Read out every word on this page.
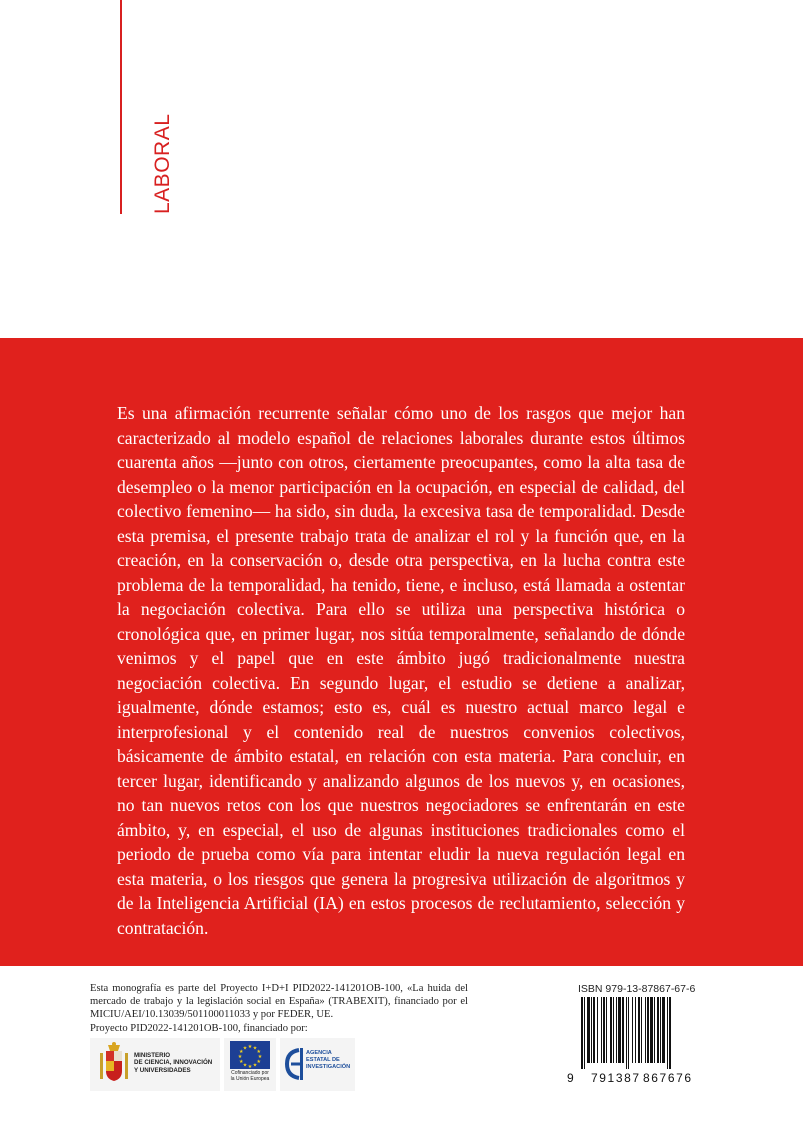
LABORAL

Es una afirmación recurrente señalar cómo uno de los rasgos que mejor han caracterizado al modelo español de relaciones laborales durante estos últimos cuarenta años —junto con otros, ciertamente preocupantes, como la alta tasa de desempleo o la menor participación en la ocupación, en especial de calidad, del colectivo femenino— ha sido, sin duda, la excesiva tasa de temporalidad. Desde esta premisa, el presente trabajo trata de analizar el rol y la función que, en la creación, en la conservación o, desde otra perspectiva, en la lucha contra este problema de la temporalidad, ha tenido, tiene, e incluso, está llamada a ostentar la negociación colectiva. Para ello se utiliza una perspectiva histórica o cronológica que, en primer lugar, nos sitúa temporalmente, señalando de dónde venimos y el papel que en este ámbito jugó tradicionalmente nuestra negociación colectiva. En segundo lugar, el estudio se detiene a analizar, igualmente, dónde estamos; esto es, cuál es nuestro actual marco legal e interprofesional y el contenido real de nuestros convenios colectivos, básicamente de ámbito estatal, en relación con esta materia. Para concluir, en tercer lugar, identificando y analizando algunos de los nuevos y, en ocasiones, no tan nuevos retos con los que nuestros negociadores se enfrentarán en este ámbito, y, en especial, el uso de algunas instituciones tradicionales como el periodo de prueba como vía para intentar eludir la nueva regulación legal en esta materia, o los riesgos que genera la progresiva utilización de algoritmos y de la Inteligencia Artificial (IA) en estos procesos de reclutamiento, selección y contratación.

Esta monografía es parte del Proyecto I+D+I PID2022-141201OB-100, «La huida del mercado de trabajo y la legislación social en España» (TRABEXIT), financiado por el MICIU/AEI/10.13039/501100011033 y por FEDER, UE.

Proyecto PID2022-141201OB-100, financiado por:

MINISTERIO
DE CIENCIA, INNOVACIÓN
Y UNIVERSIDADES
★ ★
★
★
★
★
★
★
★
★
★
★
Cofinanciado por
la Unión Europea
AGENCIA
ESTATAL DE
INVESTIGACIÓN
ISBN 979-13-87867-67-6
9 791387 867676
